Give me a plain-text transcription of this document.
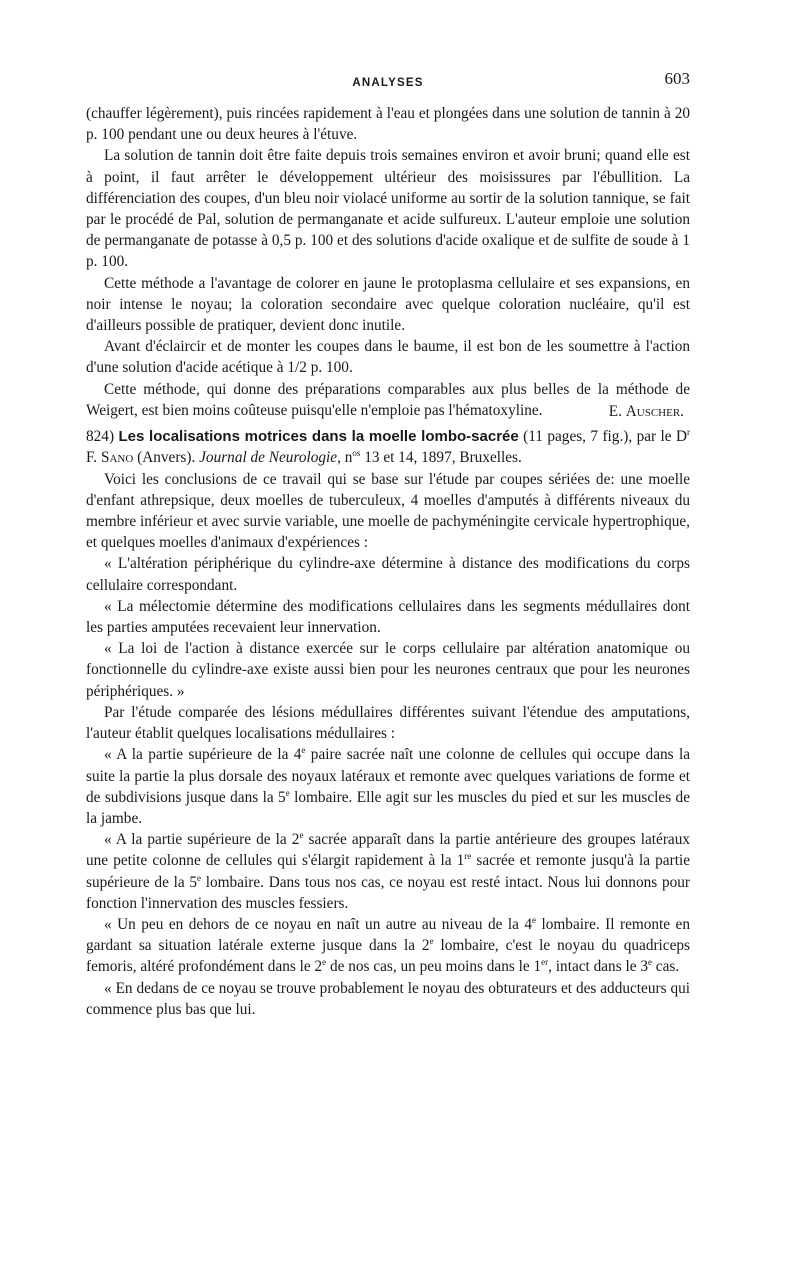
ANALYSES	603

(chauffer légèrement), puis rincées rapidement à l'eau et plongées dans une solution de tannin à 20 p. 100 pendant une ou deux heures à l'étuve.

La solution de tannin doit être faite depuis trois semaines environ et avoir bruni; quand elle est à point, il faut arrêter le développement ultérieur des moisissures par l'ébullition. La différenciation des coupes, d'un bleu noir violacé uniforme au sortir de la solution tannique, se fait par le procédé de Pal, solution de permanganate et acide sulfureux. L'auteur emploie une solution de permanganate de potasse à 0,5 p. 100 et des solutions d'acide oxalique et de sulfite de soude à 1 p. 100.

Cette méthode a l'avantage de colorer en jaune le protoplasma cellulaire et ses expansions, en noir intense le noyau; la coloration secondaire avec quelque coloration nucléaire, qu'il est d'ailleurs possible de pratiquer, devient donc inutile.

Avant d'éclaircir et de monter les coupes dans le baume, il est bon de les soumettre à l'action d'une solution d'acide acétique à 1/2 p. 100.

Cette méthode, qui donne des préparations comparables aux plus belles de la méthode de Weigert, est bien moins coûteuse puisqu'elle n'emploie pas l'hématoxyline.	E. Auscher.

824) Les localisations motrices dans la moelle lombo-sacrée (11 pages, 7 fig.), par le $D^r$ F. Sano (Anvers). Journal de Neurologie, $n^{os}$ 13 et 14, 1897, Bruxelles.

Voici les conclusions de ce travail qui se base sur l'étude par coupes sériées de: une moelle d'enfant athrepsique, deux moelles de tuberculeux, 4 moelles d'amputés à différents niveaux du membre inférieur et avec survie variable, une moelle de pachyméningite cervicale hypertrophique, et quelques moelles d'animaux d'expériences :

« L'altération périphérique du cylindre-axe détermine à distance des modifications du corps cellulaire correspondant.

« La mélectomie détermine des modifications cellulaires dans les segments médullaires dont les parties amputées recevaient leur innervation.

« La loi de l'action à distance exercée sur le corps cellulaire par altération anatomique ou fonctionnelle du cylindre-axe existe aussi bien pour les neurones centraux que pour les neurones périphériques. »

Par l'étude comparée des lésions médullaires différentes suivant l'étendue des amputations, l'auteur établit quelques localisations médullaires :

« A la partie supérieure de la 4e paire sacrée naît une colonne de cellules qui occupe dans la suite la partie la plus dorsale des noyaux latéraux et remonte avec quelques variations de forme et de subdivisions jusque dans la 5e lombaire. Elle agit sur les muscles du pied et sur les muscles de la jambe.

« A la partie supérieure de la 2e sacrée apparaît dans la partie antérieure des groupes latéraux une petite colonne de cellules qui s'élargit rapidement à la 1re sacrée et remonte jusqu'à la partie supérieure de la 5e lombaire. Dans tous nos cas, ce noyau est resté intact. Nous lui donnons pour fonction l'innervation des muscles fessiers.

« Un peu en dehors de ce noyau en naît un autre au niveau de la 4e lombaire. Il remonte en gardant sa situation latérale externe jusque dans la 2e lombaire, c'est le noyau du quadriceps femoris, altéré profondément dans le 2e de nos cas, un peu moins dans le 1er, intact dans le 3e cas.

« En dedans de ce noyau se trouve probablement le noyau des obturateurs et des adducteurs qui commence plus bas que lui.
